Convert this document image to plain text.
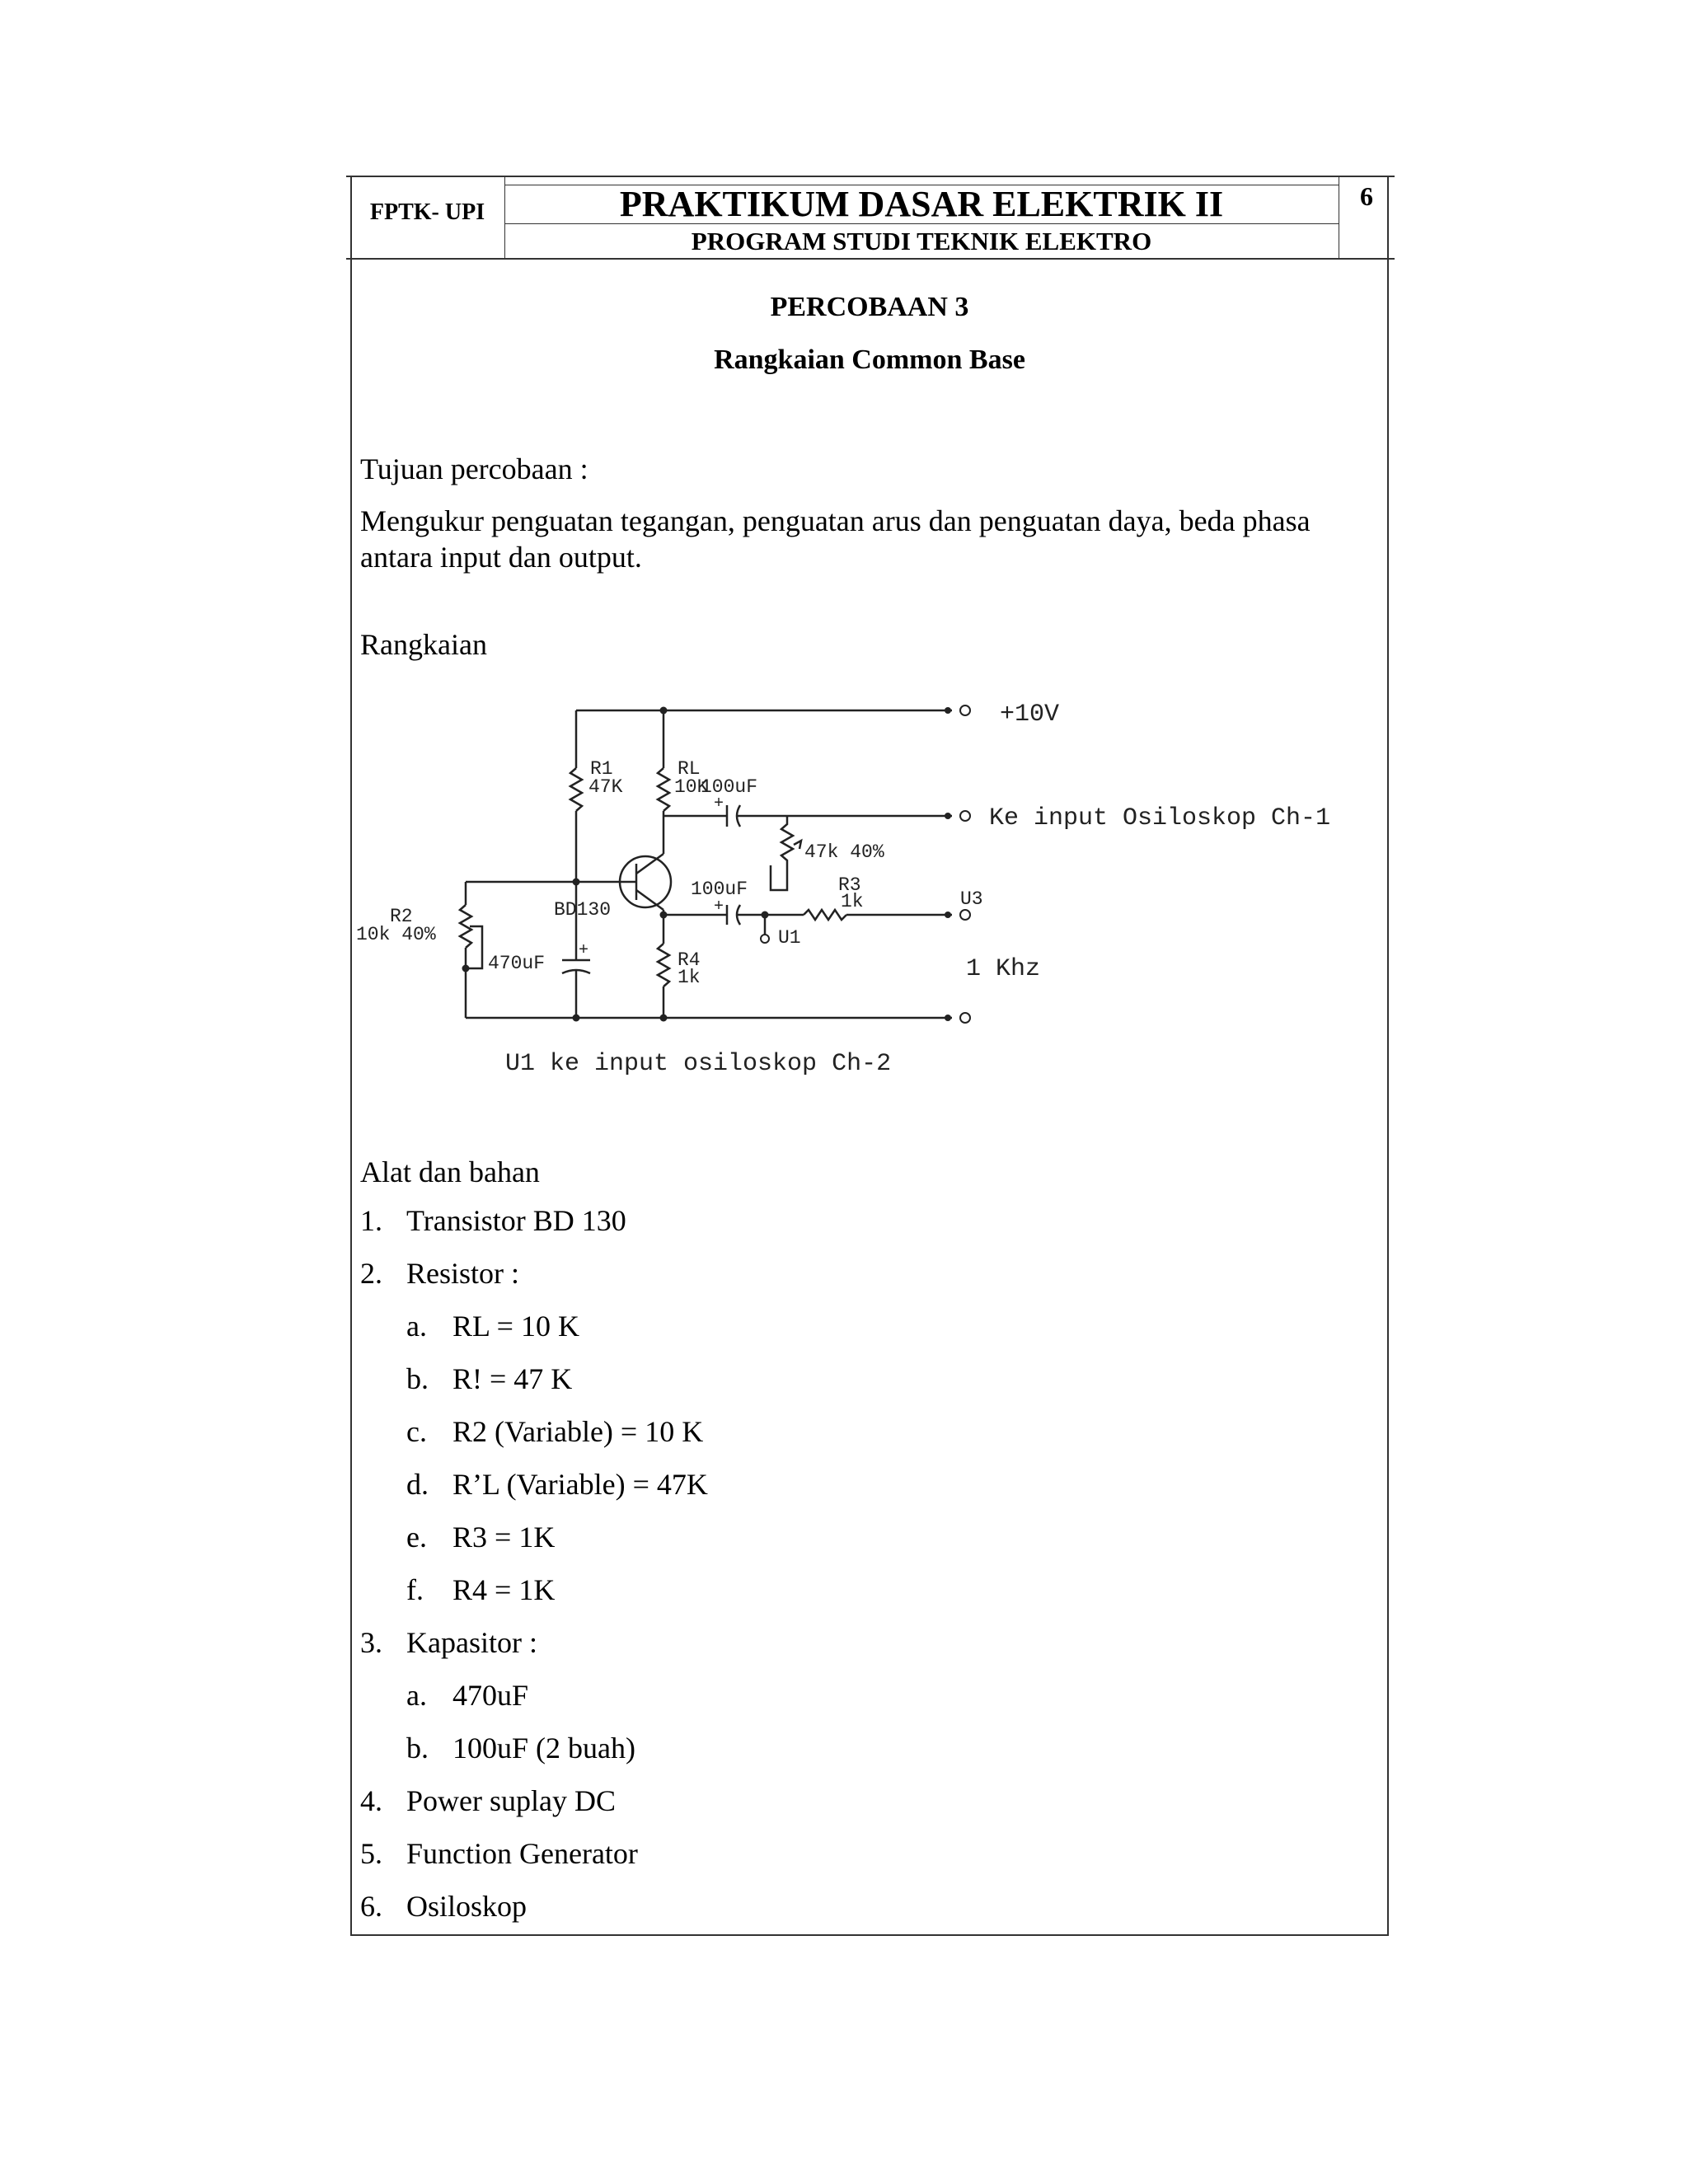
FPTK- UPI	PRAKTIKUM DASAR ELEKTRIK II
PROGRAM STUDI TEKNIK ELEKTRO
6
PERCOBAAN 3
Rangkaian Common Base
Tujuan percobaan :
Mengukur penguatan tegangan, penguatan arus dan penguatan daya, beda phasa antara input dan output.
Rangkaian
+10V
Ke input Osiloskop Ch-1
R1
47K
RL
10K
100uF
+
47k 40%
100uF
+
R3
1k	U3
R2
10k 40%
BD130
U1
470uF
+	R4
1k	1 Khz
U1 ke input osiloskop Ch-2
Alat dan bahan
1. Transistor BD 130
2. Resistor :
a. RL = 10 K
b. R! = 47 K
c. R2 (Variable) = 10 K
d. R’L (Variable) = 47K
e. R3 = 1K
f. R4 = 1K
3. Kapasitor :
a. 470uF
b. 100uF (2 buah)
4. Power suplay DC
5. Function Generator
6. Osiloskop
